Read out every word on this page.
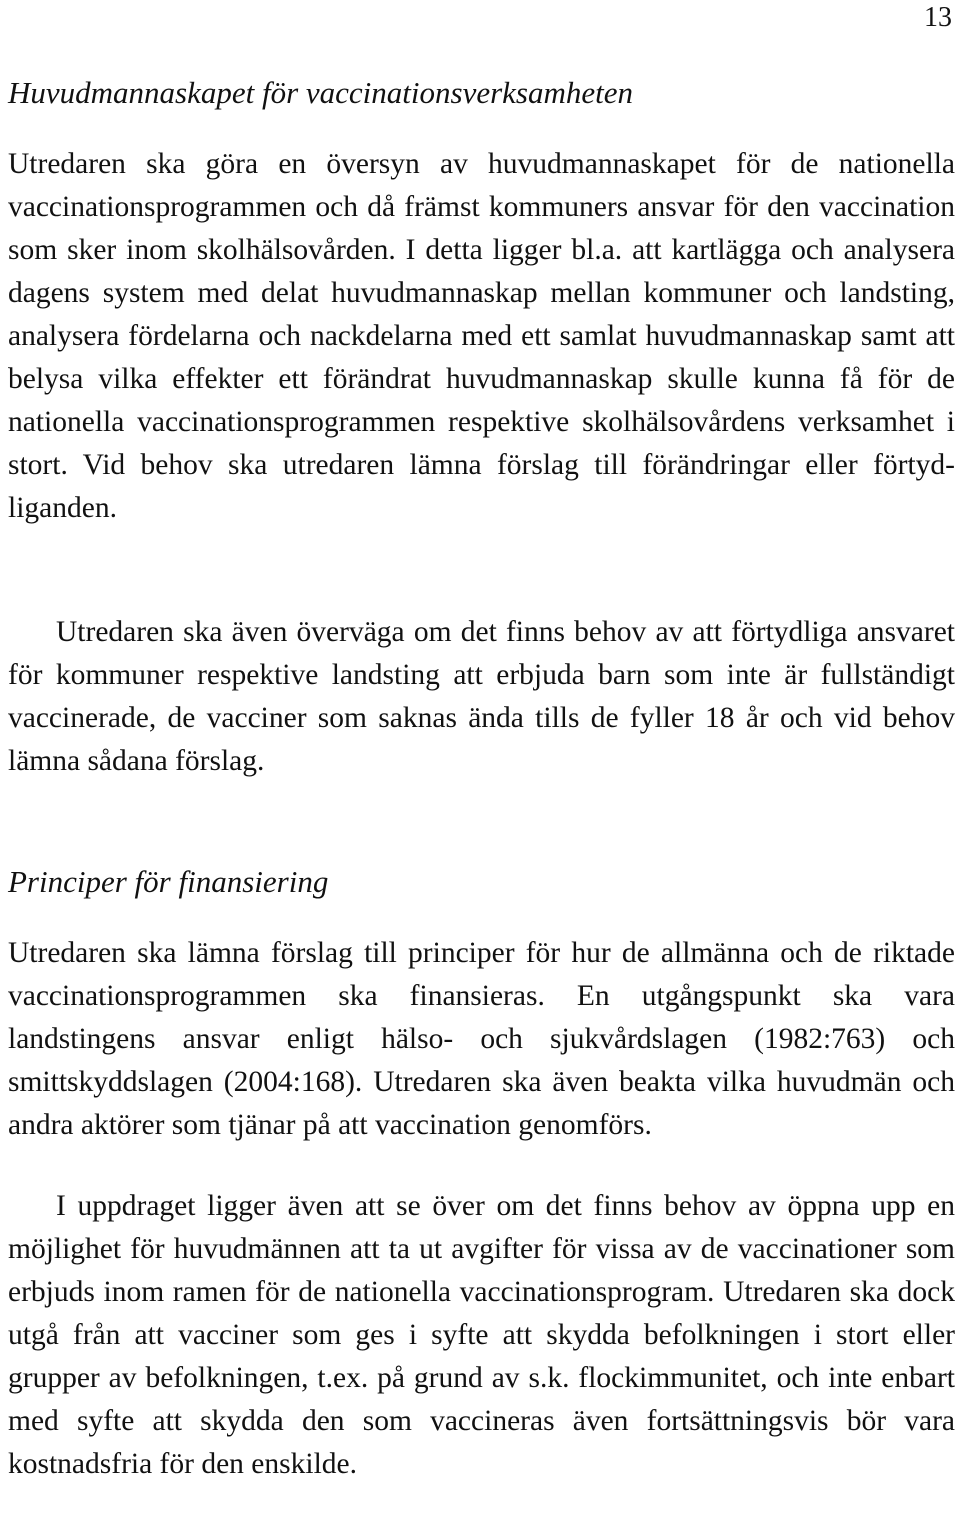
13
Huvudmannaskapet för vaccinationsverksamheten

Utredaren ska göra en översyn av huvudmannaskapet för de nationella vaccinationsprogrammen och då främst kommuners ansvar för den vaccination som sker inom skolhälsovården. I detta ligger bl.a. att kartlägga och analysera dagens system med delat huvudmannaskap mellan kommuner och landsting, analysera fördelarna och nackdelarna med ett samlat huvudmannaskap samt att belysa vilka effekter ett förändrat huvudmannaskap skulle kunna få för de nationella vaccinationsprogrammen respektive skolhälsovårdens verksamhet i stort. Vid behov ska utredaren lämna förslag till förändringar eller förtydliganden.

Utredaren ska även överväga om det finns behov av att förtydliga ansvaret för kommuner respektive landsting att erbjuda barn som inte är fullständigt vaccinerade, de vacciner som saknas ända tills de fyller 18 år och vid behov lämna sådana förslag.

Principer för finansiering

Utredaren ska lämna förslag till principer för hur de allmänna och de riktade vaccinationsprogrammen ska finansieras. En utgångspunkt ska vara landstingens ansvar enligt hälso- och sjukvårdslagen (1982:763) och smittskyddslagen (2004:168). Utredaren ska även beakta vilka huvudmän och andra aktörer som tjänar på att vaccination genomförs.

I uppdraget ligger även att se över om det finns behov av öppna upp en möjlighet för huvudmännen att ta ut avgifter för vissa av de vaccinationer som erbjuds inom ramen för de nationella vaccinationsprogram. Utredaren ska dock utgå från att vacciner som ges i syfte att skydda befolkningen i stort eller grupper av befolkningen, t.ex. på grund av s.k. flockimmunitet, och inte enbart med syfte att skydda den som vaccineras även fortsättningsvis bör vara kostnadsfria för den enskilde.
